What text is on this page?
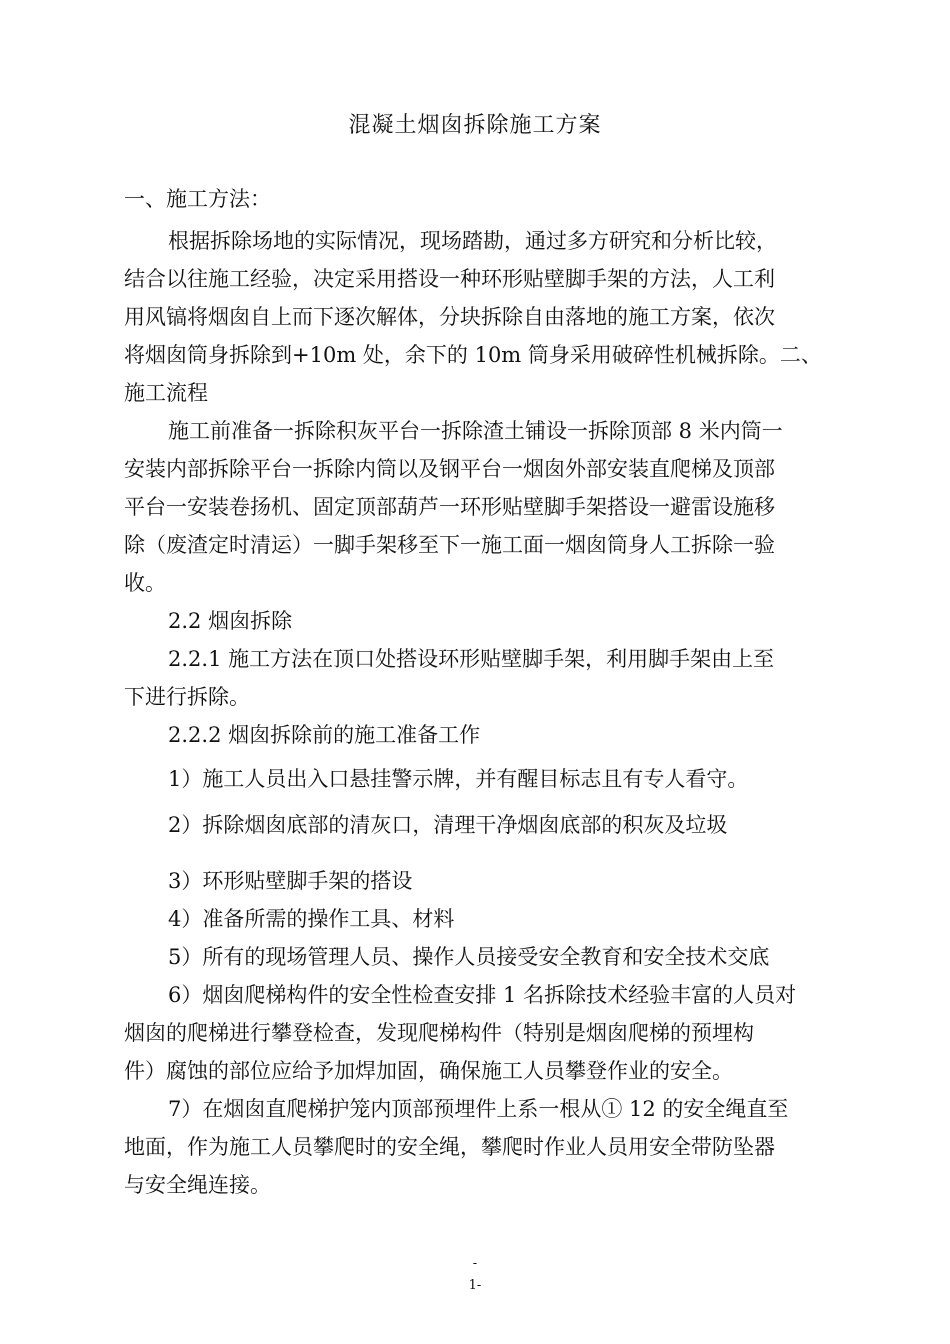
混凝土烟囱拆除施工方案
一、施工方法：
根据拆除场地的实际情况，现场踏勘，通过多方研究和分析比较，
结合以往施工经验，决定采用搭设一种环形贴壁脚手架的方法，人工利
用风镐将烟囱自上而下逐次解体，分块拆除自由落地的施工方案，依次
将烟囱筒身拆除到+10m 处，余下的 10m 筒身采用破碎性机械拆除。二、
施工流程
施工前准备一拆除积灰平台一拆除渣土铺设一拆除顶部 8 米内筒一
安装内部拆除平台一拆除内筒以及钢平台一烟囱外部安装直爬梯及顶部
平台一安装卷扬机、固定顶部葫芦一环形贴壁脚手架搭设一避雷设施移
除（废渣定时清运）一脚手架移至下一施工面一烟囱筒身人工拆除一验
收。
2.2 烟囱拆除
2.2.1 施工方法在顶口处搭设环形贴壁脚手架，利用脚手架由上至
下进行拆除。
2.2.2 烟囱拆除前的施工准备工作
1）施工人员出入口悬挂警示牌，并有醒目标志且有专人看守。
2）拆除烟囱底部的清灰口，清理干净烟囱底部的积灰及垃圾
3）环形贴壁脚手架的搭设
4）准备所需的操作工具、材料
5）所有的现场管理人员、操作人员接受安全教育和安全技术交底
6）烟囱爬梯构件的安全性检查安排 1 名拆除技术经验丰富的人员对
烟囱的爬梯进行攀登检查，发现爬梯构件（特别是烟囱爬梯的预埋构
件）腐蚀的部位应给予加焊加固，确保施工人员攀登作业的安全。
7）在烟囱直爬梯护笼内顶部预埋件上系一根从① 12 的安全绳直至
地面，作为施工人员攀爬时的安全绳，攀爬时作业人员用安全带防坠器
与安全绳连接。
-
1-
